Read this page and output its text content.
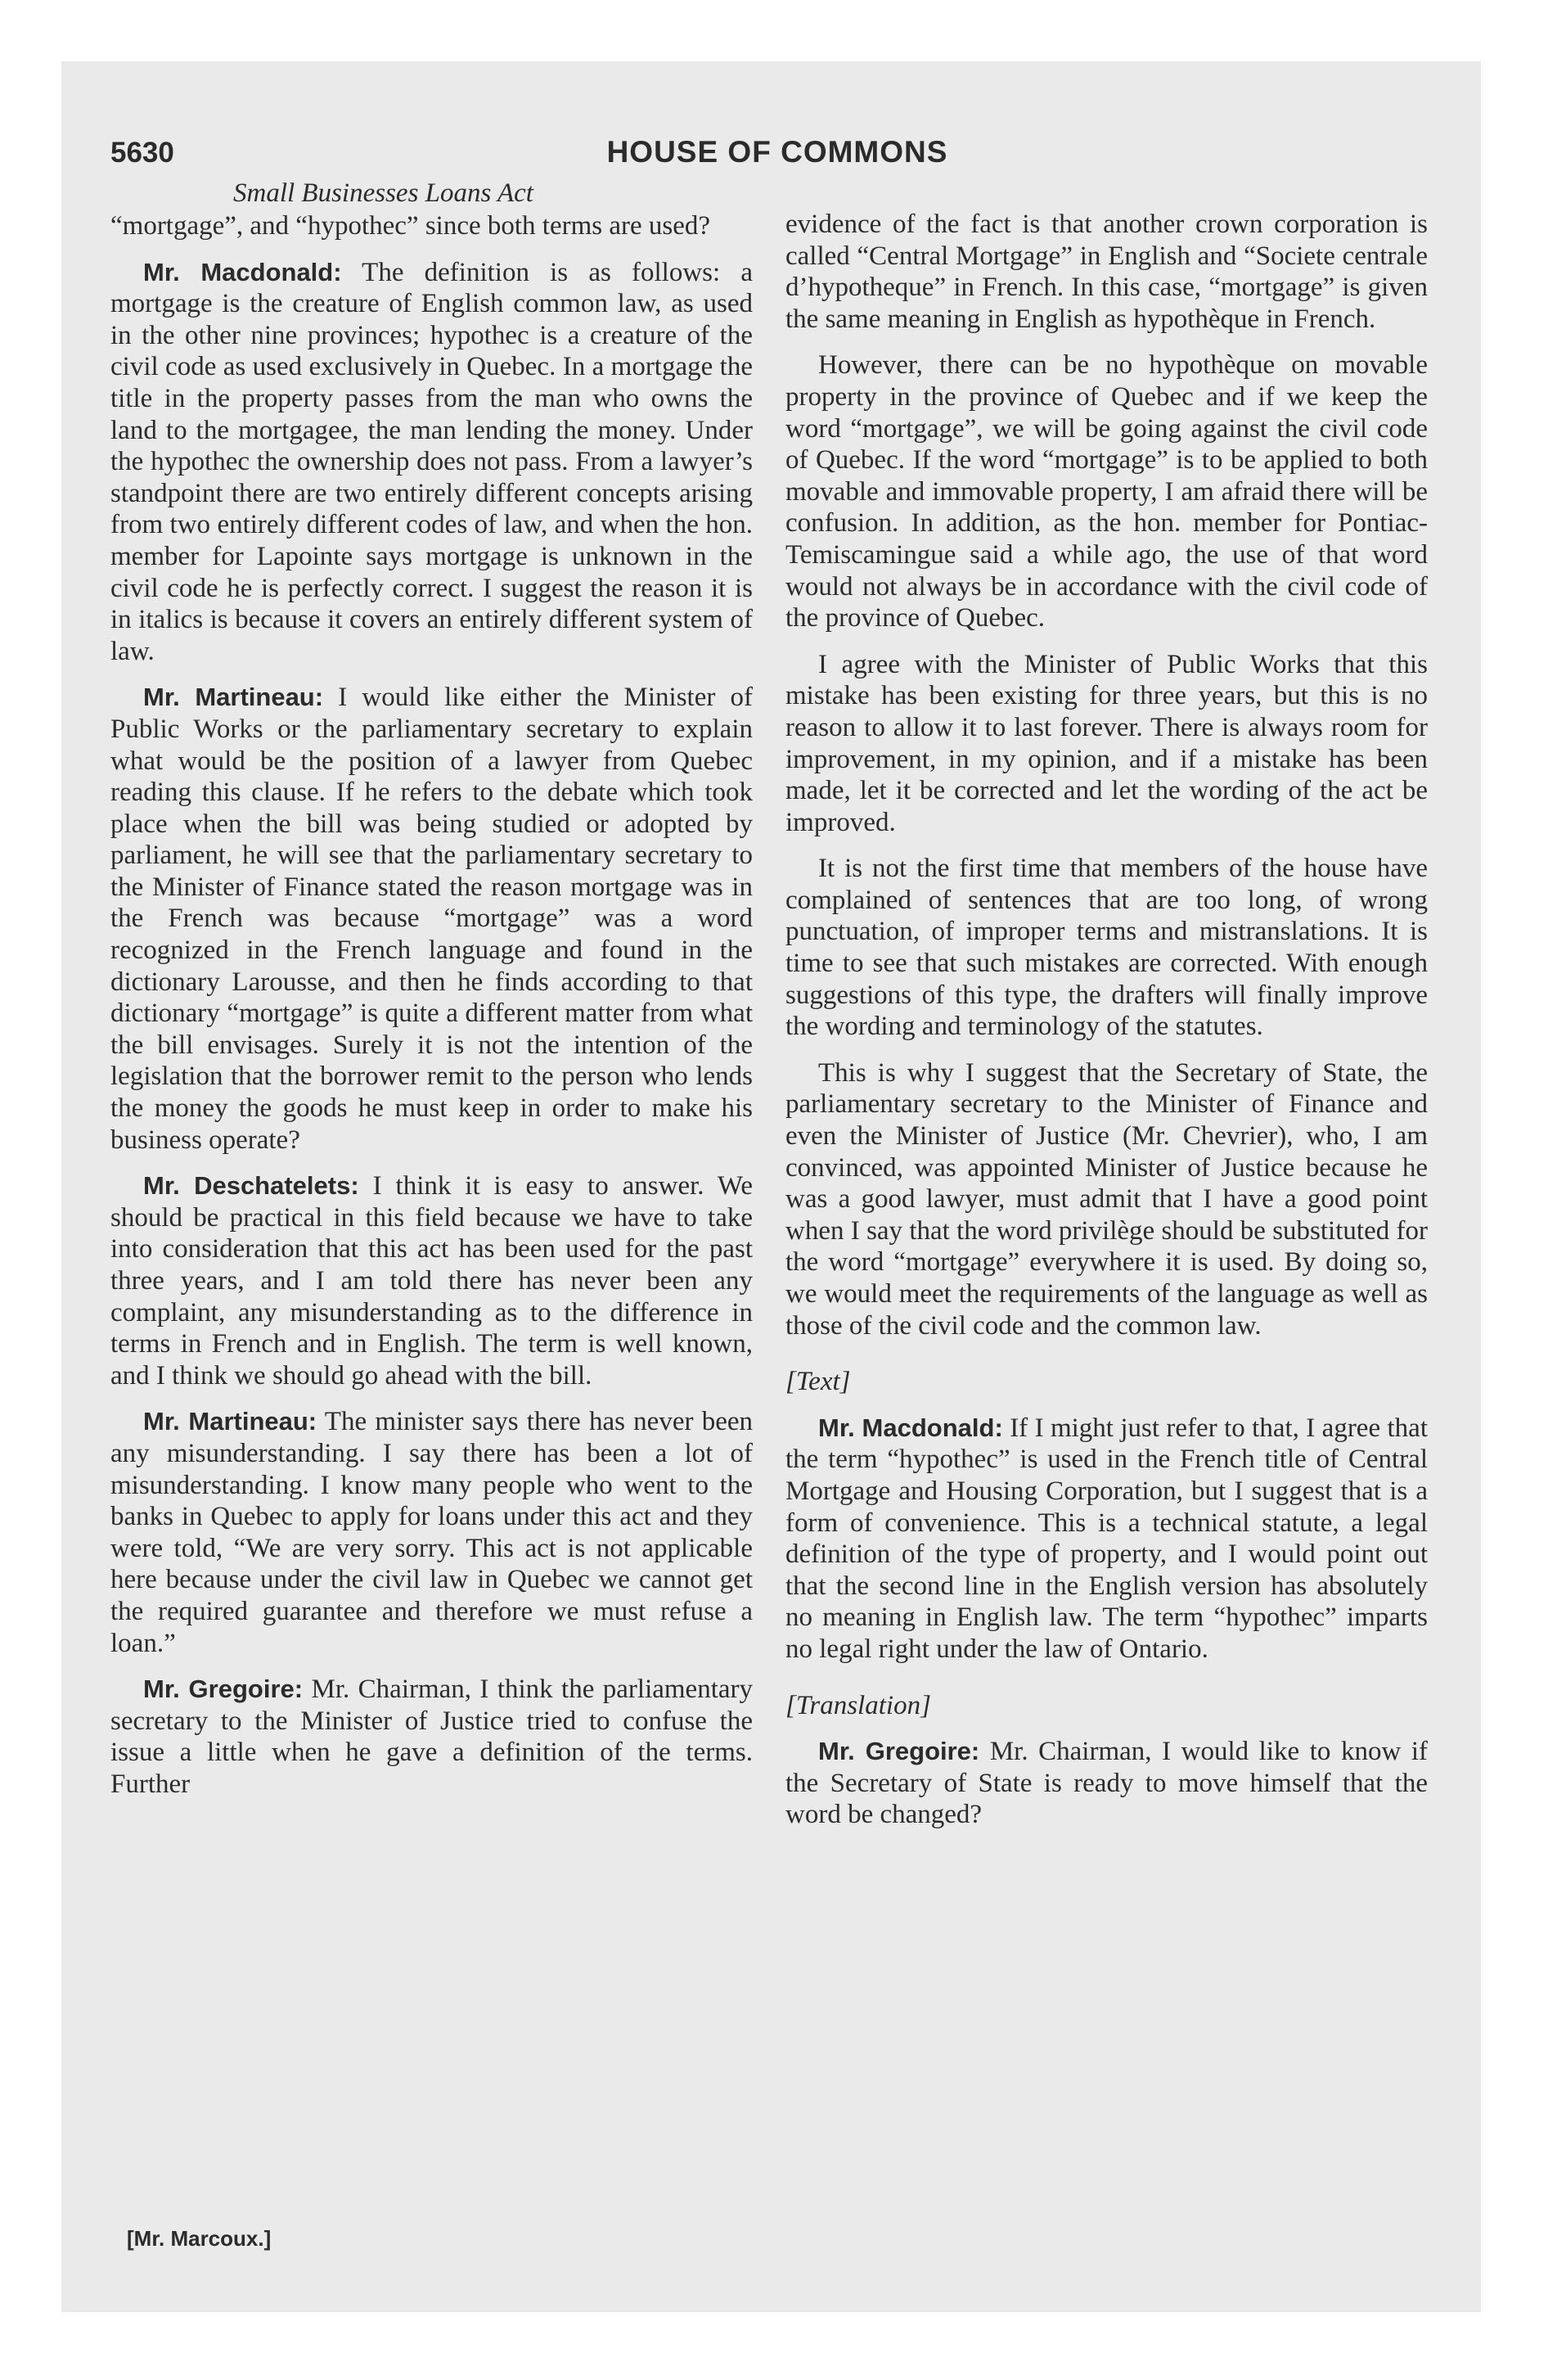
5630	HOUSE OF COMMONS
Small Businesses Loans Act

“mortgage”, and “hypothec” since both terms are used?

Mr. Macdonald: The definition is as follows: a mortgage is the creature of English common law, as used in the other nine provinces; hypothec is a creature of the civil code as used exclusively in Quebec. In a mortgage the title in the property passes from the man who owns the land to the mortgagee, the man lending the money. Under the hypothec the ownership does not pass. From a lawyer’s standpoint there are two entirely different concepts arising from two entirely different codes of law, and when the hon. member for Lapointe says mortgage is unknown in the civil code he is perfectly correct. I suggest the reason it is in italics is because it covers an entirely different system of law.

Mr. Martineau: I would like either the Minister of Public Works or the parliamentary secretary to explain what would be the position of a lawyer from Quebec reading this clause. If he refers to the debate which took place when the bill was being studied or adopted by parliament, he will see that the parliamentary secretary to the Minister of Finance stated the reason mortgage was in the French was because “mortgage” was a word recognized in the French language and found in the dictionary Larousse, and then he finds according to that dictionary “mortgage” is quite a different matter from what the bill envisages. Surely it is not the intention of the legislation that the borrower remit to the person who lends the money the goods he must keep in order to make his business operate?

Mr. Deschatelets: I think it is easy to answer. We should be practical in this field because we have to take into consideration that this act has been used for the past three years, and I am told there has never been any complaint, any misunderstanding as to the difference in terms in French and in English. The term is well known, and I think we should go ahead with the bill.

Mr. Martineau: The minister says there has never been any misunderstanding. I say there has been a lot of misunderstanding. I know many people who went to the banks in Quebec to apply for loans under this act and they were told, “We are very sorry. This act is not applicable here because under the civil law in Quebec we cannot get the required guarantee and therefore we must refuse a loan.”

Mr. Gregoire: Mr. Chairman, I think the parliamentary secretary to the Minister of Justice tried to confuse the issue a little when he gave a definition of the terms. Further

evidence of the fact is that another crown corporation is called “Central Mortgage” in English and “Societe centrale d’hypotheque” in French. In this case, “mortgage” is given the same meaning in English as hypothèque in French.

However, there can be no hypothèque on movable property in the province of Quebec and if we keep the word “mortgage”, we will be going against the civil code of Quebec. If the word “mortgage” is to be applied to both movable and immovable property, I am afraid there will be confusion. In addition, as the hon. member for Pontiac-Temiscamingue said a while ago, the use of that word would not always be in accordance with the civil code of the province of Quebec.

I agree with the Minister of Public Works that this mistake has been existing for three years, but this is no reason to allow it to last forever. There is always room for improvement, in my opinion, and if a mistake has been made, let it be corrected and let the wording of the act be improved.

It is not the first time that members of the house have complained of sentences that are too long, of wrong punctuation, of improper terms and mistranslations. It is time to see that such mistakes are corrected. With enough suggestions of this type, the drafters will finally improve the wording and terminology of the statutes.

This is why I suggest that the Secretary of State, the parliamentary secretary to the Minister of Finance and even the Minister of Justice (Mr. Chevrier), who, I am convinced, was appointed Minister of Justice because he was a good lawyer, must admit that I have a good point when I say that the word privilège should be substituted for the word “mortgage” everywhere it is used. By doing so, we would meet the requirements of the language as well as those of the civil code and the common law.

[Text]

Mr. Macdonald: If I might just refer to that, I agree that the term “hypothec” is used in the French title of Central Mortgage and Housing Corporation, but I suggest that is a form of convenience. This is a technical statute, a legal definition of the type of property, and I would point out that the second line in the English version has absolutely no meaning in English law. The term “hypothec” imparts no legal right under the law of Ontario.

[Translation]

Mr. Gregoire: Mr. Chairman, I would like to know if the Secretary of State is ready to move himself that the word be changed?

[Mr. Marcoux.]
